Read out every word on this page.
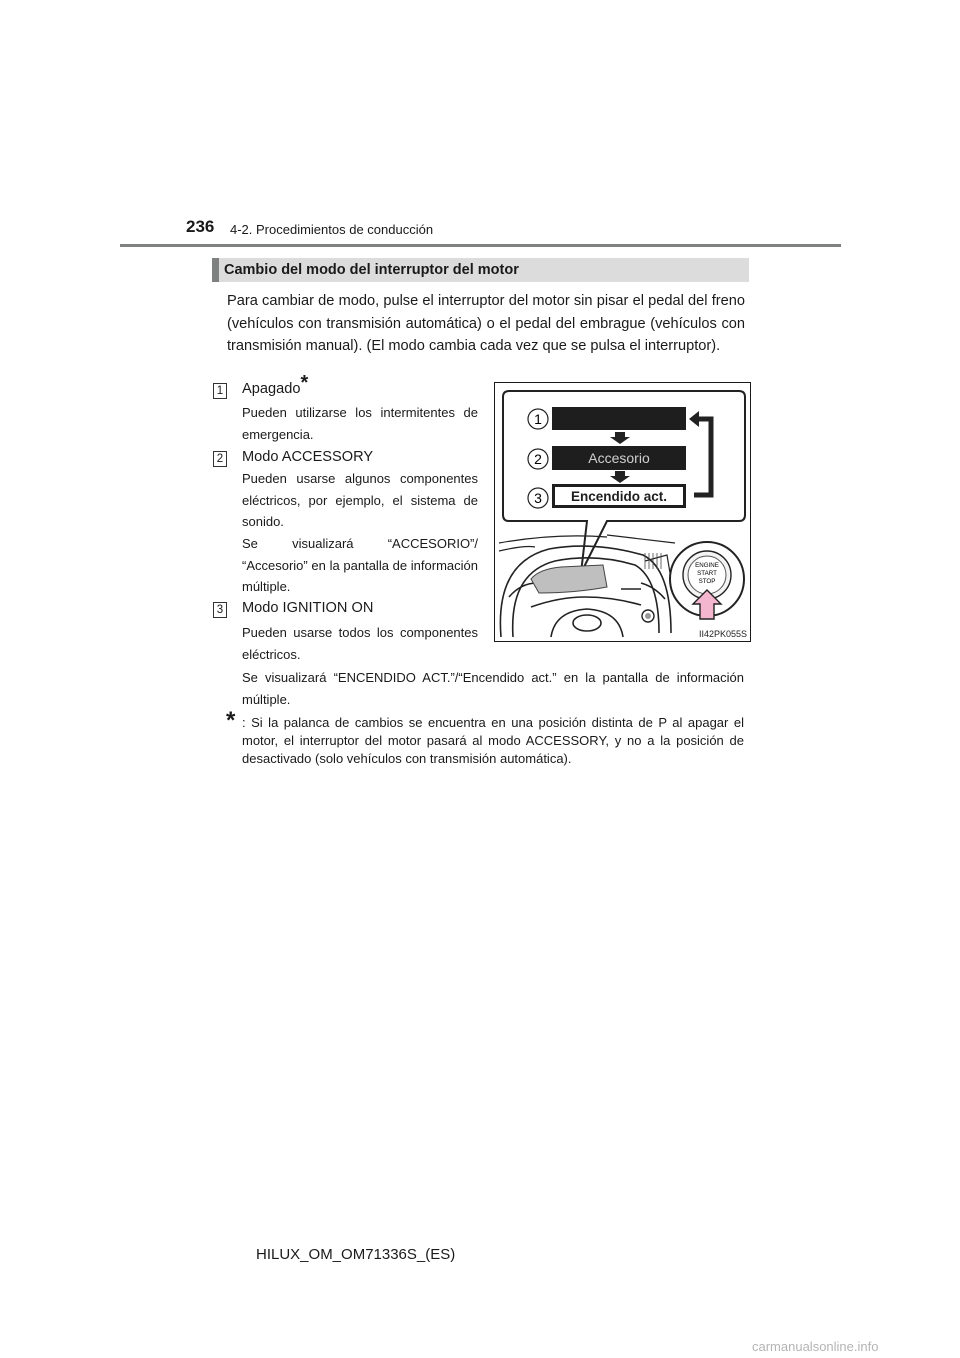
236 4-2. Procedimientos de conducción
Cambio del modo del interruptor del motor

Para cambiar de modo, pulse el interruptor del motor sin pisar el pedal del freno (vehículos con transmisión automática) o el pedal del embrague (vehículos con transmisión manual). (El modo cambia cada vez que se pulsa el interruptor).

1 Apagado*

Pueden utilizarse los intermitentes de emergencia.

2 Modo ACCESSORY

Pueden usarse algunos componentes eléctricos, por ejemplo, el sistema de sonido.

Se visualizará “ACCESORIO”/ “Accesorio” en la pantalla de información múltiple.

3 Modo IGNITION ON

Pueden usarse todos los componentes eléctricos.

Se visualizará “ENCENDIDO ACT.”/“Encendido act.” en la pantalla de información múltiple.

* : Si la palanca de cambios se encuentra en una posición distinta de P al apagar el motor, el interruptor del motor pasará al modo ACCESSORY, y no a la posición de desactivado (solo vehículos con transmisión automática).

1
2
3
Accesorio
Encendido act.
ENGINE
START
STOP
II42PK055S
HILUX_OM_OM71336S_(ES)
carmanualsonline.info
